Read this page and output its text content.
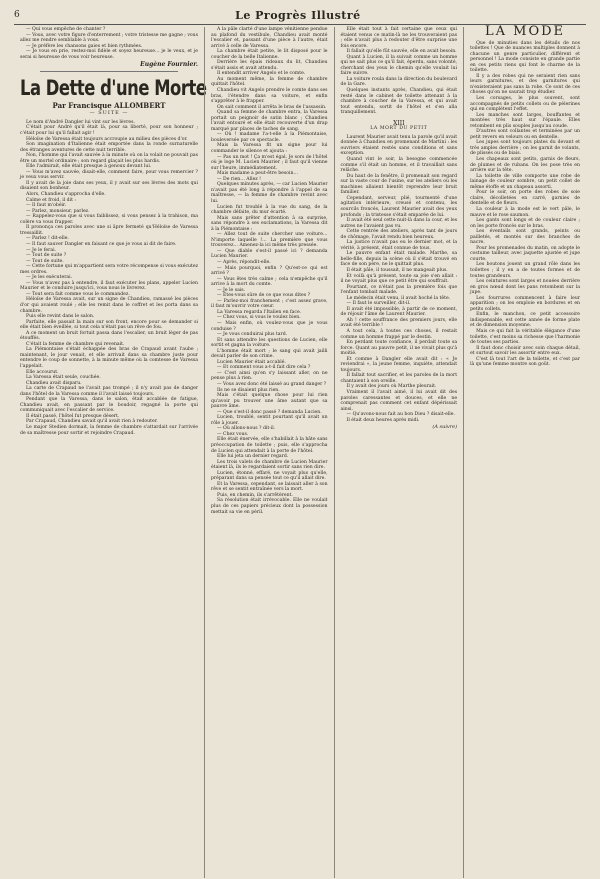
6	Le Progrès Illustré

— Qui vous empêche de chanter ?

— Vous, avec votre figure d'enterrement ; votre tristesse me gagne ; vous allez me rendre semblable à vous.

— Je préfère les chansons gaies et bien rythmées.

— Je vous en prie, restez-moi fidèle et soyez heureuse… je le veux, et je serai si heureuse de vous voir heureuse.

Eugène Fournier.
La Dette d'une Morte
Par Francisque ALLOMBERT
— SUITE —

Le nom d'André Dangler lui vint sur les lèvres.

C'était pour André qu'il était là, pour sa liberté, pour son honneur ; c'était pour lui qu'il fallait agir !

Héloïse de Varessa était toujours accroupie au milieu des pièces d'or.

Son imagination d'Italienne était emportée dans la ronde surnaturelle des étranges aventures de cette nuit terrible.

Non, l'homme qui l'avait sauvée à la minute où on la volait ne pouvait pas être un mortel ordinaire ; son regard glaçait les plus hardis.

Elle l'admirait, elle était presque à genoux devant lui.

— Vous m'avez sauvée, disait-elle, comment faire, pour vous remercier ? je veux vous servir.

Il y avait de la joie dans ses yeux, il y avait sur ses lèvres des mots qui disaient son bonheur.

Alors, Chandieu s'approcha d'elle.

Calme et froid, il dit :

— Il faut m'obéir.

— Parlez, monsieur, parlez.

— Rappelez-vous que si vous faiblissez, si vous pensez à la trahison, ma colère va vous frapper.

Il prononça ces paroles avec une si âpre fermeté qu'Héloïse de Varessa tressaillit.

— Parlez ! dit-elle.

— Il faut sauver Dangler en faisant ce que je vous ai dit de faire.

— Je le ferai.

— Tout de suite ?

— Tout de suite.

— Cette fortune qui m'appartient sera votre récompense si vous exécutez mes ordres.

— Je les exécuterai.

— Vous n'avez pas à entendre, il faut exécuter les plans, appeler Lucien Maurier et le conduire jusqu'ici, vous nous le livrerez.

— Tout sera fait comme vous le commandez.

Héloïse de Varessa avait, sur un signe de Chandieu, ramassé les pièces d'or qui avaient roulé ; elle les remit dans le coffret et les porta dans sa chambre.

Puis elle revint dans le salon.

Parfaite, elle passait la main sur son front, encore pour se demander si elle était bien éveillée, si tout cela n'était pas un rêve de fou.

A ce moment un bruit fortuit passa dans l'escalier, un bruit léger de pas étouffés.

C'était la femme de chambre qui revenait.

La Piémontaise s'était échappée des bras de Crapaud avant l'aube ; maintenant, le jour venait, et elle arrivait dans sa chambre juste pour entendre le coup de sonnette, à la minute même où la comtesse de Varessa l'appelait.

Elle accourut.

La Varessa était seule, couchée.

Chandieu avait disparu.

La carte de Crapaud ne l'avait pas trompé ; il n'y avait pas de danger dans l'hôtel de la Varessa comme il l'avait laissé toujours.

Pendant que la Varessa, dans le salon, était accablée de fatigue, Chandieu avait, en passant par le boudoir, regagné la porte qui communiquait avec l'escalier de service.

Il était passé, l'hôtel fut presque désert.

Par Crapaud, Chandieu savait qu'il avait rien à redouter.

Le major Stedien dormait, la femme de chambre s'attardait sur l'arrivée de sa maîtresse pour sortir et rejoindre Crapaud.

A la pâle clarté d'une lampe vénitienne pendue au plafond du vestibule, Chandieu avait monté l'escalier et, passant d'une pièce à l'autre, était arrivé à celle de Varessa.

La chambre était petite, le lit disposé pour le coucher de la belle Italienne.

Derrière les épais rideaux du lit, Chandieu s'était assis et avait attendu.

Il entendit arriver Angelo et le comte.

Au moment même, la femme de chambre quittait l'hôtel.

Chandieu vit Angelo prendre le comte dans ses bras, l'étendre dans sa voiture, et enfin s'apprêter à le frapper.

On sait comment il arrêta le bras de l'assassin.

Quand sa femme de chambre entra, la Varessa portait un peignoir de satin blanc ; Chandieu l'avait entouré et elle était recouverte d'un drap marqué par places de taches de sang.

— Où ! madame l'a-t-elle à la Piémontaise, bouleversée par ce spectacle.

Mais la Varessa fit un signe pour lui commander le silence et ajouta :

— Pas un mot ! Ça m'est égal. Je sors de l'hôtel où je loge M. Lucien Maurier ; il faut qu'il vienne sur l'heure, immédiatement.

Mais madame a peut-être besoin…

— De rien… Allez !

Quelques minutes après, — car Lucien Maurier n'avait pas été long à répondre à l'appel de sa maîtresse, — la femme de chambre revint avec lui.

Lucien fut troublé à la vue du sang, de la chambre défaite, du mur écarté.

Mais sans prêter d'attention à sa surprise, sans répondre à ses exclamations, la Varessa dit à la Piémontaise :

— Allez tout de suite chercher une voiture… N'importe laquelle !… La première que vous trouverez… Amenez-la ici même très pressée.

— Que diable s'est-il passé ici ? demanda Lucien Maurier.

— Après, répondit-elle.

— Mais pourquoi, enfin ? Qu'est-ce qui est arrivé ?

— Vous êtes très calme ; cela n'empêche qu'il arrive à la mort du comte.

— Je le sais.

— Êtes-vous sûre de ce que vous dites ?

— Parlez-moi franchement ; c'est assez grave, il faut m'ouvrir votre cœur.

La Varessa regarda l'Italien en face.

— Chez vous, si vous le voulez bien.

— Mais enfin, où voulez-vous que je vous conduise ?

— Je vous conduirai plus tard.

Et sans attendre les questions de Lucien, elle sortit et gagna la voiture.

L'homme était mort ; le sang qui avait jailli devait parler de son crime.

Lucien Maurier était accablé.

— Et comment vous a-t-il fait dire cela ?

— C'est ainsi qu'en s'y laissant aller, on ne pense plus à rien.

— Vous avez donc été laissé au grand danger ?

Ils ne se disaient plus rien.

Mais c'était quelque chose pour lui rien qu'avoir pu trouver une âme autant que sa pauvre âme.

— Que s'est-il donc passé ? demanda Lucien.

Lucien, troublé, sentit pourtant qu'il avait un rôle à jouer.

— Où allons-nous ? dit-il.

— Chez vous.

Elle était énervée, elle s'habillait à la hâte sans préoccupation de toilette ; puis, elle s'approcha de Lucien qui attendait à la porte de l'hôtel.

Elle lui jeta un dernier regard.

Les trois valets de chambre de Lucien Maurier étaient là, ils le regardaient sortir sans rien dire.

Lucien, étonné, effaré, ne voyait plus qu'elle, préparant dans sa pensée tout ce qu'il allait dire.

Et la Varessa, cependant, se laissait aller à son rêve et se sentit entraînée vers la mort.

Puis, en chemin, ils s'arrêtèrent.

Sa résolution était irrévocable. Elle ne voulait plus de ces papiers précieux dont la possession mettait sa vie en péril.

Elle était tout à fait certaine que ceux qui étaient venus ce matin-là ne les trouveraient pas ; elle n'avait plus à redouter d'être surprise une fois encore.

Il fallait qu'elle fût sauvée, elle en avait besoin.

Quant à Lucien, il la suivait comme un homme qui ne sait plus ce qu'il fait, éperdu, sans volonté, cherchant des yeux le chemin qu'elle voulait lui faire suivre.

La voiture roula dans la direction du boulevard de la Gare.

Quelques instants après, Chandieu, qui était resté dans le cabinet de toilette attenant à la chambre à coucher de la Varessa, et qui avait tout entendu, sortit de l'hôtel et s'en alla tranquillement.

XIII
LA MORT DU PETIT

Laurent Maurier avait tenu la parole qu'il avait donnée à Chandieu en promenant de Martini : les ouvriers étaient restés sans conditions et sans exception.

Quand vint le soir, la besogne commencée comme s'il était un homme, et il travaillait sans relâche.

Du haut de la fenêtre, il promenait son regard sur la vaste cour de l'usine, sur les ateliers où les machines allaient bientôt reprendre leur bruit familier.

Cependant, serveur, plié, tourmenté d'une agitation intérieure, creusé et contenu, les sourcils froncés, Laurent Maurier avait des yeux profonds ; la tristesse s'était emparée de lui.

Il avait été seul cette nuit-là dans la cour, et les autres ne l'avaient pas vu.

Cette rentrée des ateliers, après tant de jours de chômage, l'avait rendu bien heureux.

La justice n'avait pas eu le dernier mot, et la vérité, à présent, était connue de tous.

Le pauvre enfant était malade. Marthe, sa belle-fille, depuis la scène où il s'était trouvé en face de son père, ne le quittait plus.

Il était pâle, il toussait, il ne mangeait plus.

Et voilà qu'à présent, toute sa joie s'en allait : il ne voyait plus que ce petit être qui souffrait.

Pourtant, ce n'était pas la première fois que l'enfant tombait malade.

Le médecin était venu, il avait hoché la tête.

— Il faut le surveiller, dit-il.

Il avait été impossible, à partir de ce moment, de réjouir l'âme de Laurent Maurier.

Ah ! cette souffrance des premiers jours, elle avait été terrible !

A tout cela, à toutes ces choses, il restait comme un homme frappé par le destin.

En perdant toute confiance, il perdait toute sa force. Quant au pauvre petit, il ne vivait plus qu'à moitié.

Et comme à Dangler elle avait dit : « Je reviendrai », la jeune femme, inquiète, attendait toujours.

Il fallait tout sacrifier, et les paroles de la mort chantaient à son oreille.

Il y avait des jours où Marthe pleurait.

Vraiment il l'avait aimé, il lui avait dit des paroles caressantes et douces, et elle ne comprenait pas comment cet enfant dépérissait ainsi.

— Qu'avons-nous fait au bon Dieu ? disait-elle.

Il était deux heures après midi.

(A suivre)
LA MODE

Que de minuties dans les détails de nos toilettes ! Que de nuances multiples donnent à chacune un genre particulier, différent et personnel ! La mode consiste en grande partie en ces petits riens qui font le charme de la toilette.

Il y a des robes qui ne seraient rien sans leurs garnitures, et des garnitures qui n'existeraient pas sans la robe. Ce sont de ces choses qu'on ne saurait trop étudier.

Les corsages, le plus souvent, sont accompagnés de petits collets ou de pèlerines qui en complètent l'effet.

Les manches sont larges, bouffantes et montées très haut sur l'épaule. Elles retombent en plis souples jusqu'au coude.

D'autres sont collantes et terminées par un petit revers en velours ou en dentelle.

Les jupes sont toujours plates du devant et très amples derrière ; on les garnit de volants, de plissés ou de biais.

Les chapeaux sont petits, garnis de fleurs, de plumes et de rubans. On les pose très en arrière sur la tête.

La toilette de ville comporte une robe de lainage de couleur sombre, un petit collet de même étoffe et un chapeau assorti.

Pour le soir, on porte des robes de soie claire, décolletées en carré, garnies de dentelle et de fleurs.

La couleur à la mode est le vert pâle, le mauve et le rose saumon.

Les gants sont longs et de couleur claire ; on les porte froncés sur le bras.

Les éventails sont grands, peints ou pailletés, et montés sur des branches de nacre.

Pour les promenades du matin, on adopte le costume tailleur, avec jaquette ajustée et jupe courte.

Les boutons jouent un grand rôle dans les toilettes ; il y en a de toutes formes et de toutes grandeurs.

Les ceintures sont larges et nouées derrière en gros nœud dont les pans retombent sur la jupe.

Les fourrures commencent à faire leur apparition ; on les emploie en bordures et en petits collets.

Enfin, le manchon, ce petit accessoire indispensable, est cette année de forme plate et de dimension moyenne.

Mais ce qui fait la véritable élégance d'une toilette, c'est moins sa richesse que l'harmonie de toutes ses parties.

Il faut donc choisir avec soin chaque détail, et surtout savoir les assortir entre eux.

C'est là tout l'art de la toilette, et c'est par là qu'une femme montre son goût.
